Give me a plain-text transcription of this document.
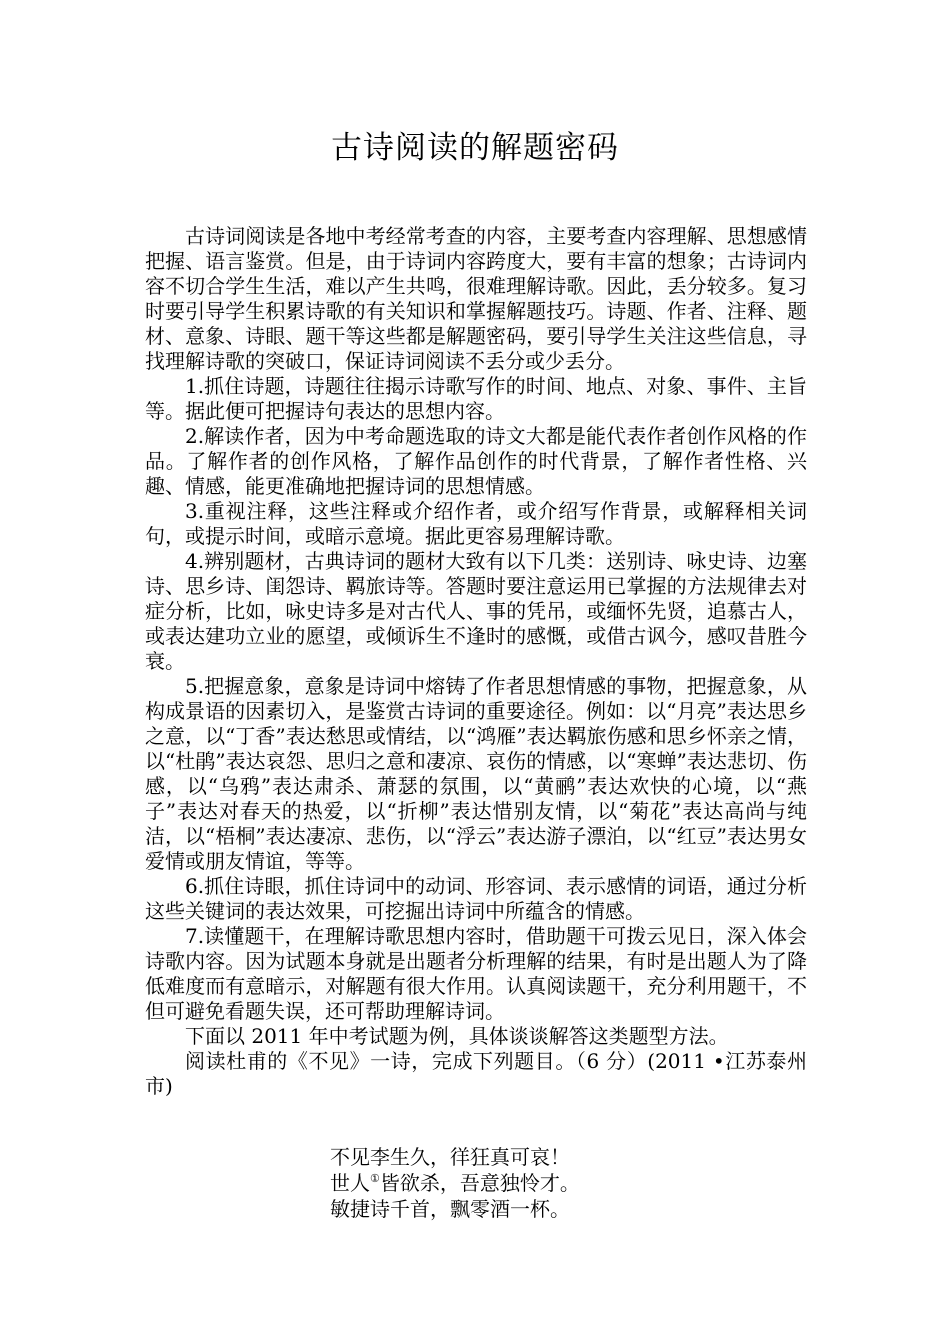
古诗阅读的解题密码

古诗词阅读是各地中考经常考查的内容，主要考查内容理解、思想感情把握、语言鉴赏。但是，由于诗词内容跨度大，要有丰富的想象；古诗词内容不切合学生生活，难以产生共鸣，很难理解诗歌。因此，丢分较多。复习时要引导学生积累诗歌的有关知识和掌握解题技巧。诗题、作者、注释、题材、意象、诗眼、题干等这些都是解题密码，要引导学生关注这些信息，寻找理解诗歌的突破口，保证诗词阅读不丢分或少丢分。

1.抓住诗题，诗题往往揭示诗歌写作的时间、地点、对象、事件、主旨等。据此便可把握诗句表达的思想内容。

2.解读作者，因为中考命题选取的诗文大都是能代表作者创作风格的作品。了解作者的创作风格，了解作品创作的时代背景，了解作者性格、兴趣、情感，能更准确地把握诗词的思想情感。

3.重视注释，这些注释或介绍作者，或介绍写作背景，或解释相关词句，或提示时间，或暗示意境。据此更容易理解诗歌。

4.辨别题材，古典诗词的题材大致有以下几类：送别诗、咏史诗、边塞诗、思乡诗、闺怨诗、羁旅诗等。答题时要注意运用已掌握的方法规律去对症分析，比如，咏史诗多是对古代人、事的凭吊，或缅怀先贤，追慕古人，或表达建功立业的愿望，或倾诉生不逢时的感慨，或借古讽今，感叹昔胜今衰。

5.把握意象，意象是诗词中熔铸了作者思想情感的事物，把握意象，从构成景语的因素切入，是鉴赏古诗词的重要途径。例如：以“月亮”表达思乡之意，以“丁香”表达愁思或情结，以“鸿雁”表达羁旅伤感和思乡怀亲之情，以“杜鹃”表达哀怨、思归之意和凄凉、哀伤的情感，以“寒蝉”表达悲切、伤感，以“乌鸦”表达肃杀、萧瑟的氛围，以“黄鹂”表达欢快的心境，以“燕子”表达对春天的热爱，以“折柳”表达惜别友情，以“菊花”表达高尚与纯洁，以“梧桐”表达凄凉、悲伤，以“浮云”表达游子漂泊，以“红豆”表达男女爱情或朋友情谊，等等。

6.抓住诗眼，抓住诗词中的动词、形容词、表示感情的词语，通过分析这些关键词的表达效果，可挖掘出诗词中所蕴含的情感。

7.读懂题干，在理解诗歌思想内容时，借助题干可拨云见日，深入体会诗歌内容。因为试题本身就是出题者分析理解的结果，有时是出题人为了降低难度而有意暗示，对解题有很大作用。认真阅读题干，充分利用题干，不但可避免看题失误，还可帮助理解诗词。

下面以 2011 年中考试题为例，具体谈谈解答这类题型方法。

阅读杜甫的《不见》一诗，完成下列题目。（6 分）(2011 •江苏泰州市)

不见李生久，徉狂真可哀！
世人①皆欲杀，吾意独怜才。
敏捷诗千首，飘零酒一杯。
